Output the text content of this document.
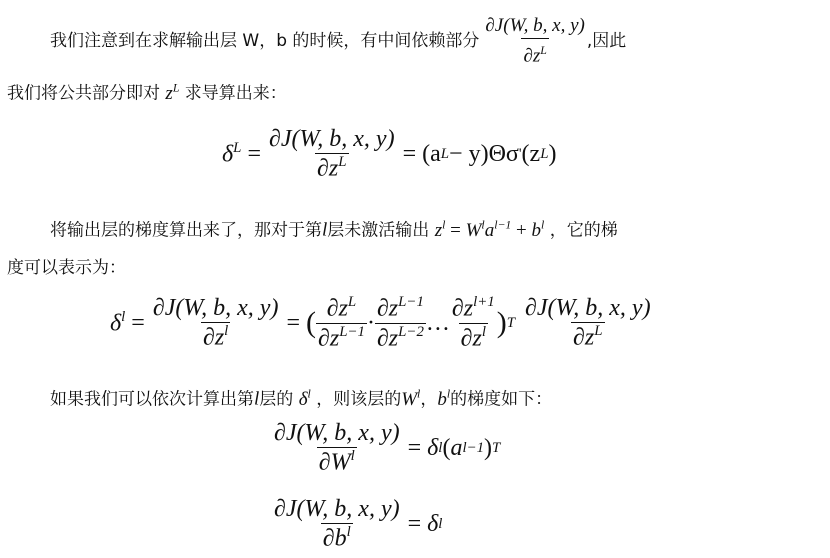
我们注意到在求解输出层 W，b 的时候，有中间依赖部分 $\frac{\partial J(W, b, x, y)}{\partial z^L}$ ,因此
我们将公共部分即对 $z^L$ 求导算出来：
$\delta^L = \frac{\partial J(W, b, x, y)}{\partial z^L} = (a$ L − y)Θσ ' (z L )
将输出层的梯度算出来了，那对于第l层未激活输出 $z^l = W^la^{l-1} + b^l$ ，它的梯
度可以表示为：
$\delta^l = \frac{\partial J(W, b, x, y)}{\partial z^l}$ = ( $\frac{\partial z^L}{\partial z^{L-1}} \cdot \frac{\partial z^{L-1}}{\partial z^{L-2}}$ … $\frac{\partial z^{l+1}}{\partial z^l}$ ) T $\frac{\partial J(W, b, x, y)}{\partial z^L}$
如果我们可以依次计算出第l层的 $\delta^l$ ，则该层的$W^l$，$b^l$的梯度如下：
$\frac{\partial J(W, b, x, y)}{\partial W^l} = \delta$ l ( a l−1 ) T
$\frac{\partial J(W, b, x, y)}{\partial b^l} = \delta$ l
